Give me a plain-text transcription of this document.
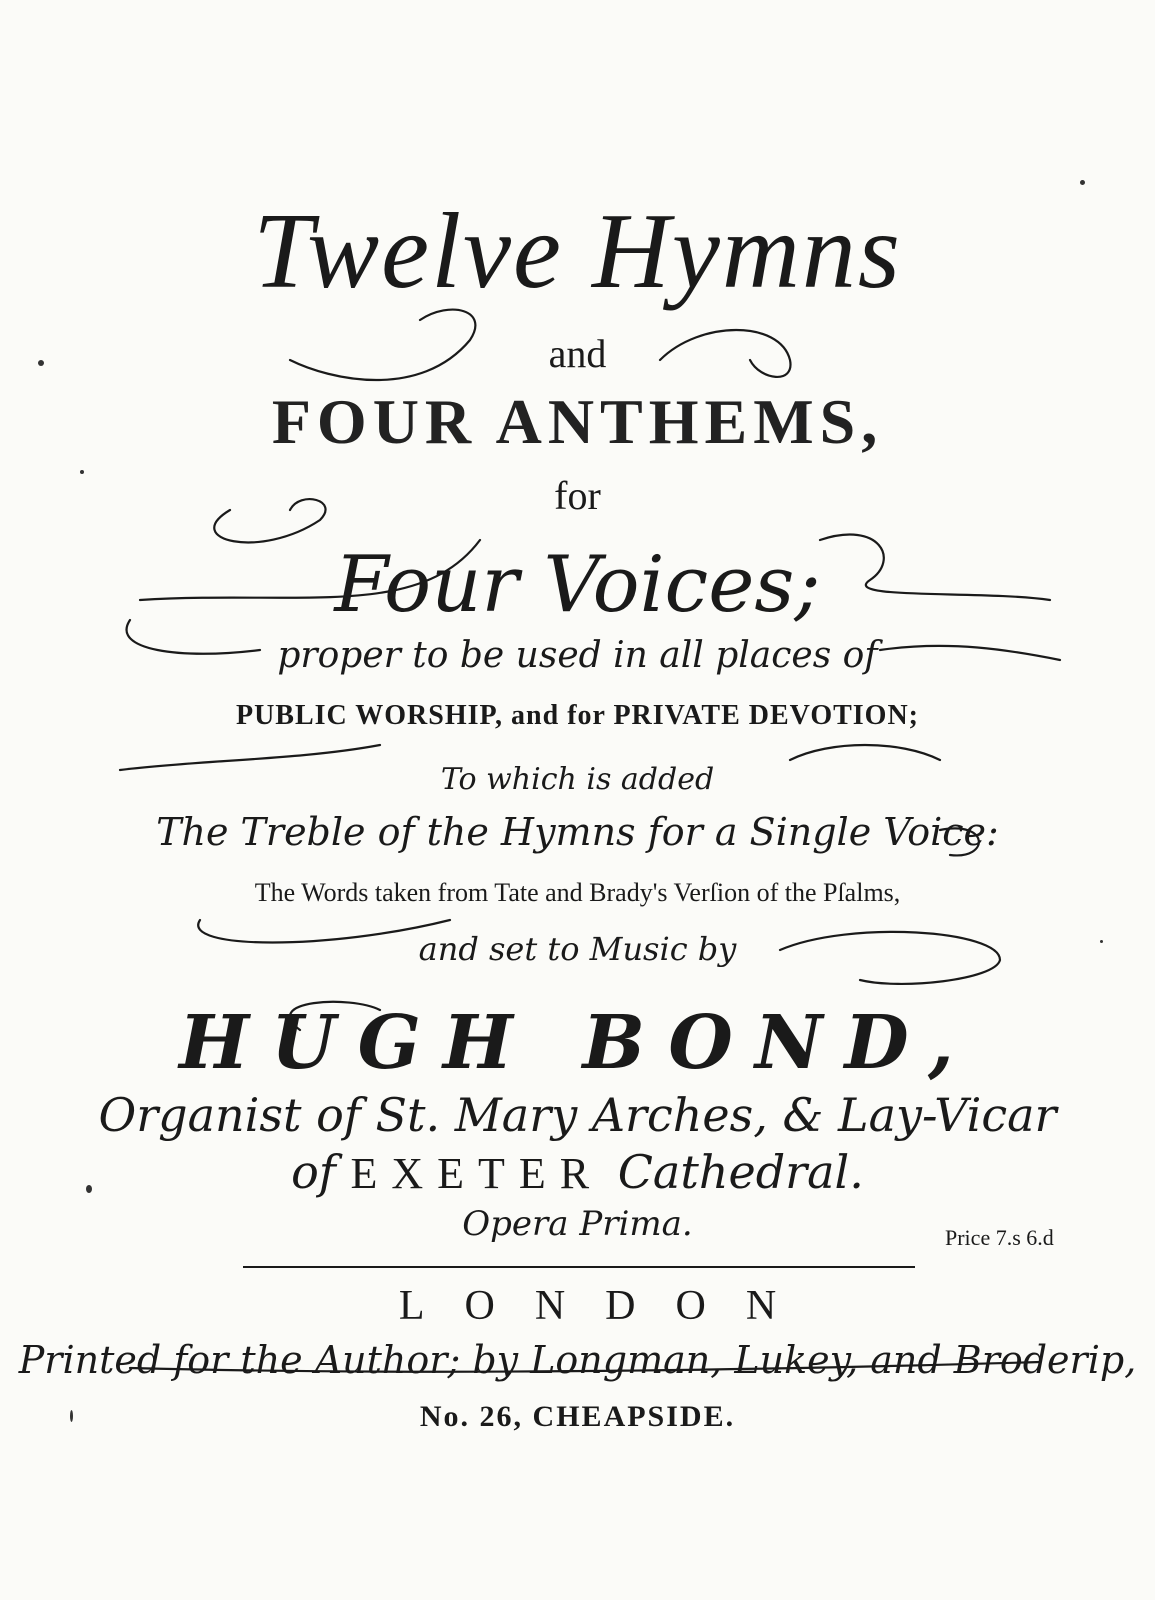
Twelve Hymns
and
FOUR ANTHEMS,
for
Four Voices;
proper to be used in all places of
PUBLIC WORSHIP, and for PRIVATE DEVOTION;
To which is added
The Treble of the Hymns for a Single Voice:
The Words taken from Tate and Brady's Verſion of the Pſalms,
and set to Music by
HUGH BOND,
Organist of St. Mary Arches, & Lay-Vicar
of EXETER Cathedral.
Opera Prima.	Price 7.s 6.d
LONDON
Printed for the Author; by Longman, Lukey, and Broderip,
No. 26, CHEAPSIDE.
